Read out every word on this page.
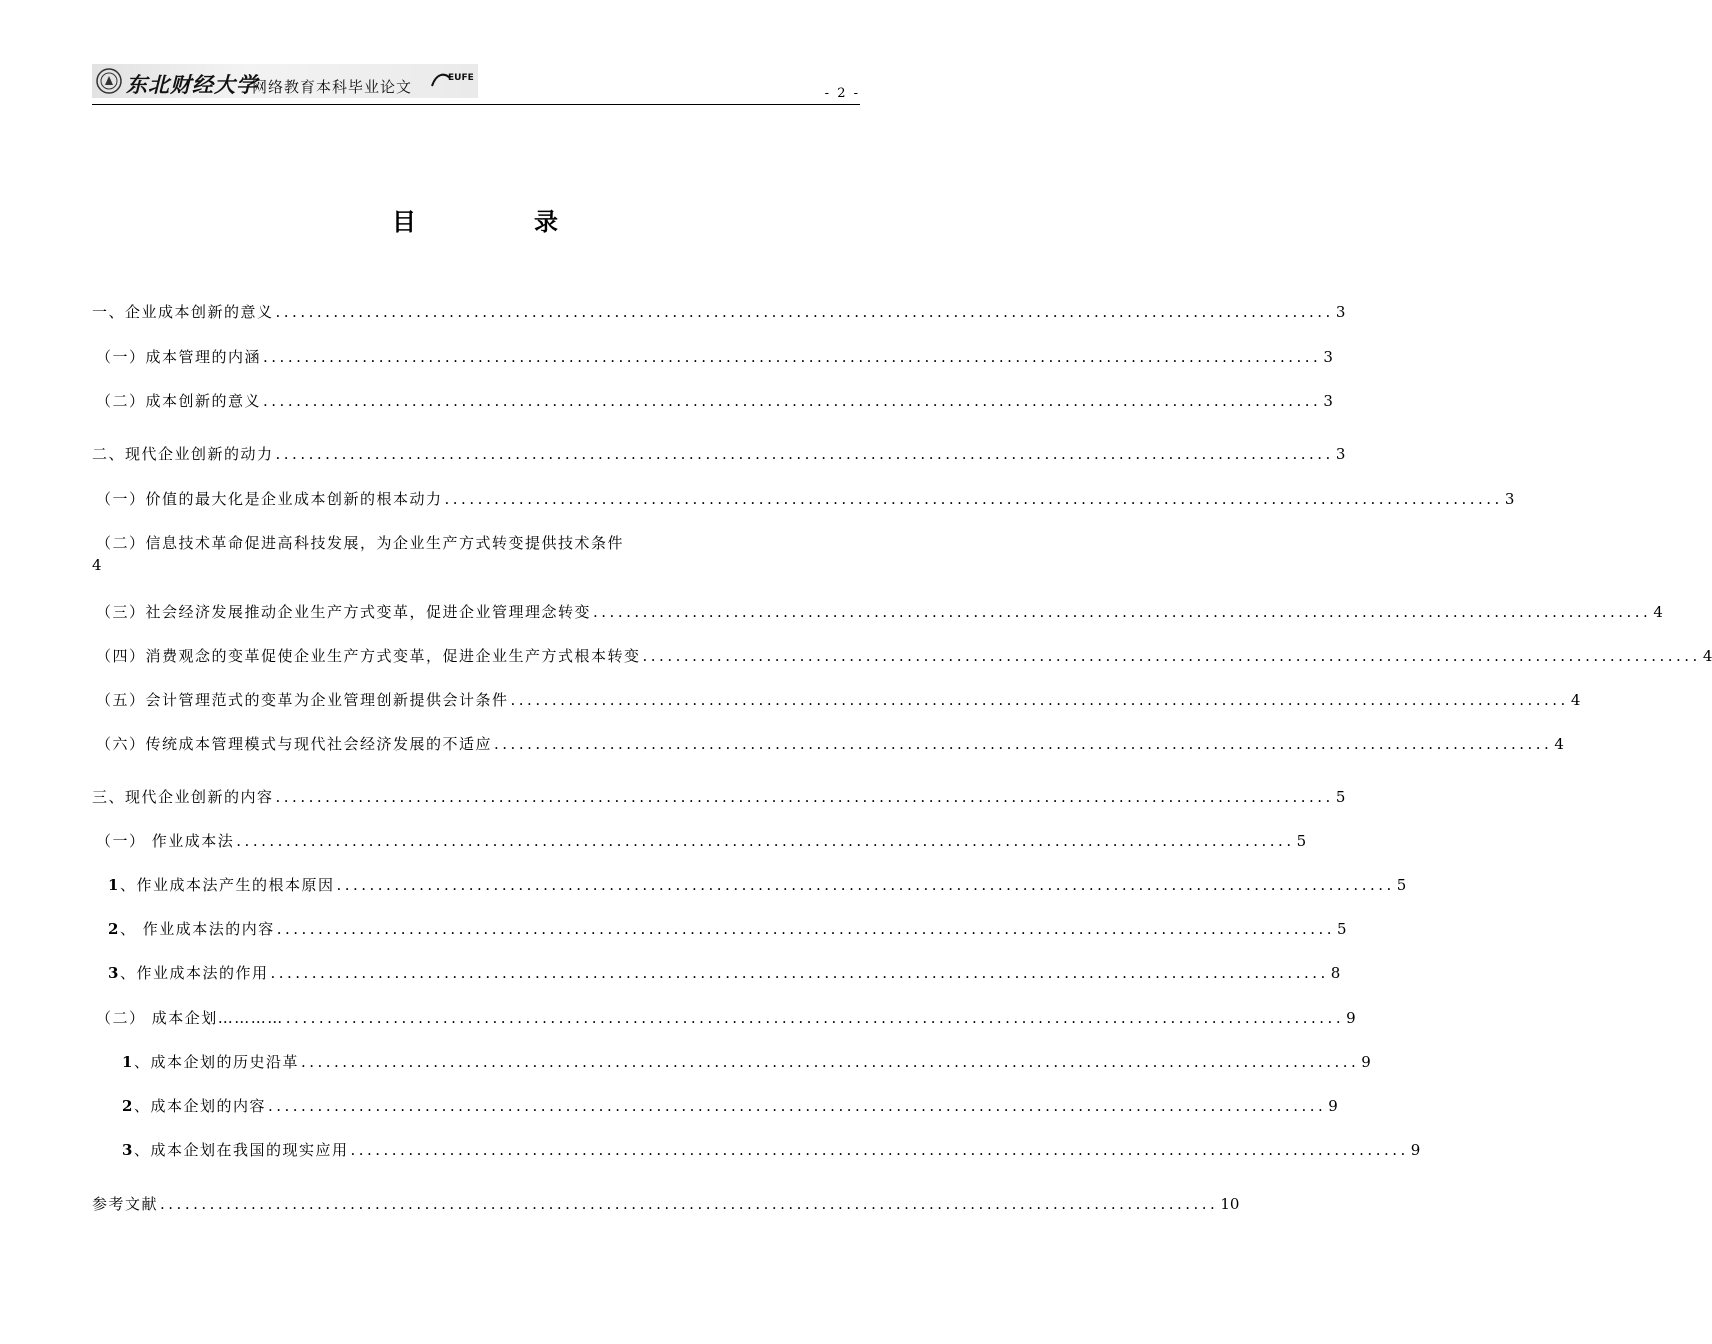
东北财经大学
网络教育本科毕业论文	EUFE
- 2 -
目	录
一、企业成本创新的意义 ................................................................................................................................ 3
（一）成本管理的内涵 ................................................................................................................................ 3
（二）成本创新的意义 ................................................................................................................................ 3
二、现代企业创新的动力 ................................................................................................................................ 3
（一）价值的最大化是企业成本创新的根本动力 ................................................................................................................................ 3
（二）信息技术革命促进高科技发展，为企业生产方式转变提供技术条件
4
（三）社会经济发展推动企业生产方式变革，促进企业管理理念转变 ................................................................................................................................ 4
（四）消费观念的变革促使企业生产方式变革，促进企业生产方式根本转变 ................................................................................................................................ 4
（五）会计管理范式的变革为企业管理创新提供会计条件 ................................................................................................................................ 4
（六）传统成本管理模式与现代社会经济发展的不适应 ................................................................................................................................ 4
三、现代企业创新的内容 ................................................................................................................................ 5
（一） 作业成本法 ................................................................................................................................ 5
1、作业成本法产生的根本原因 ................................................................................................................................ 5
2、 作业成本法的内容 ................................................................................................................................ 5
3、作业成本法的作用 ................................................................................................................................ 8
（二） 成本企划………… ................................................................................................................................ 9
1、成本企划的历史沿革 ................................................................................................................................ 9
2、成本企划的内容 ................................................................................................................................ 9
3、成本企划在我国的现实应用 ................................................................................................................................ 9
参考文献 ................................................................................................................................ 10
